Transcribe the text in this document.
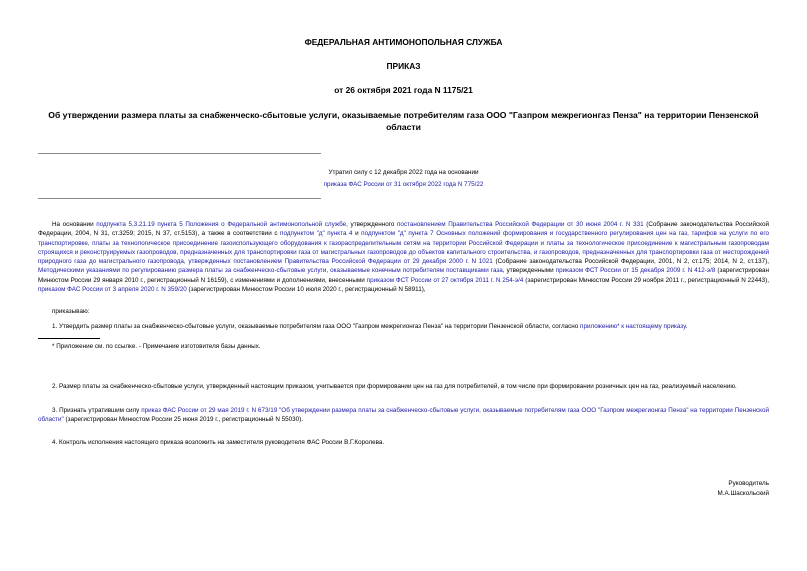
ФЕДЕРАЛЬНАЯ АНТИМОНОПОЛЬНАЯ СЛУЖБА
ПРИКАЗ
от 26 октября 2021 года N 1175/21
Об утверждении размера платы за снабженческо-сбытовые услуги, оказываемые потребителям газа ООО "Газпром межрегионгаз Пенза" на территории Пензенской области
Утратил силу с 12 декабря 2022 года на основании
приказа ФАС России от 31 октября 2022 года N 775/22

На основании подпункта 5.3.21.19 пункта 5 Положения о Федеральной антимонопольной службе, утвержденного постановлением Правительства Российской Федерации от 30 июня 2004 г. N 331 (Собрание законодательства Российской Федерации, 2004, N 31, ст.3259; 2015, N 37, ст.5153), а также в соответствии с подпунктом "д" пункта 4 и подпунктом "д" пункта 7 Основных положений формирования и государственного регулирования цен на газ, тарифов на услуги по его транспортировке, платы за технологическое присоединение газоиспользующего оборудования к газораспределительным сетям на территории Российской Федерации и платы за технологическое присоединение к магистральным газопроводам строящихся и реконструируемых газопроводов, предназначенных для транспортировки газа от магистральных газопроводов до объектов капитального строительства, и газопроводов, предназначенных для транспортировки газа от месторождений природного газа до магистрального газопровода, утвержденных постановлением Правительства Российской Федерации от 29 декабря 2000 г. N 1021 (Собрание законодательства Российской Федерации, 2001, N 2, ст.175; 2014, N 2, ст.137), Методическими указаниями по регулированию размера платы за снабженческо-сбытовые услуги, оказываемые конечным потребителям поставщиками газа, утвержденными приказом ФСТ России от 15 декабря 2009 г. N 412-э/8 (зарегистрирован Минюстом России 29 января 2010 г., регистрационный N 16159), с изменениями и дополнениями, внесенными приказом ФСТ России от 27 октября 2011 г. N 254-э/4 (зарегистрирован Минюстом России 29 ноября 2011 г., регистрационный N 22443), приказом ФАС России от 3 апреля 2020 г. N 359/20 (зарегистрирован Минюстом России 10 июля 2020 г., регистрационный N 58911),

приказываю:

1. Утвердить размер платы за снабженческо-сбытовые услуги, оказываемые потребителям газа ООО "Газпром межрегионгаз Пенза" на территории Пензенской области, согласно приложению* к настоящему приказу.

* Приложение см. по ссылке. - Примечание изготовителя базы данных.

2. Размер платы за снабженческо-сбытовые услуги, утвержденный настоящим приказом, учитывается при формировании цен на газ для потребителей, в том числе при формировании розничных цен на газ, реализуемый населению.

3. Признать утратившим силу приказ ФАС России от 29 мая 2019 г. N 673/19 "Об утверждении размера платы за снабженческо-сбытовые услуги, оказываемые потребителям газа ООО "Газпром межрегионгаз Пенза" на территории Пензенской области" (зарегистрирован Минюстом России 25 июня 2019 г., регистрационный N 55030).

4. Контроль исполнения настоящего приказа возложить на заместителя руководителя ФАС России В.Г.Королева.

Руководитель
М.А.Шаскольский
